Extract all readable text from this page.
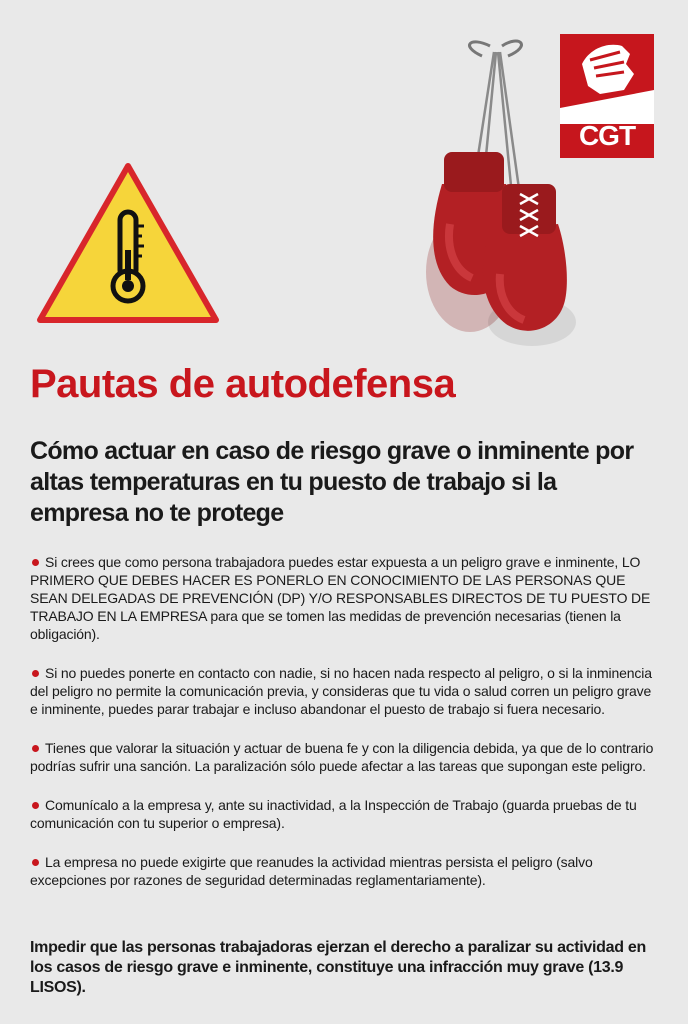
CGT
Pautas de autodefensa
Cómo actuar en caso de riesgo grave o inminente por altas temperaturas en tu puesto de trabajo si la empresa no te protege

Si crees que como persona trabajadora puedes estar expuesta a un peligro grave e inminente, LO PRIMERO QUE DEBES HACER ES PONERLO EN CONOCIMIENTO DE LAS PERSONAS QUE SEAN DELEGADAS DE PREVENCIÓN (DP) Y/O RESPONSABLES DIRECTOS DE TU PUESTO DE TRABAJO EN LA EMPRESA para que se tomen las medidas de prevención necesarias (tienen la obligación).

Si no puedes ponerte en contacto con nadie, si no hacen nada respecto al peligro, o si la inminencia del peligro no permite la comunicación previa, y consideras que tu vida o salud corren un peligro grave e inminente, puedes parar trabajar e incluso abandonar el puesto de trabajo si fuera necesario.

Tienes que valorar la situación y actuar de buena fe y con la diligencia debida, ya que de lo contrario podrías sufrir una sanción. La paralización sólo puede afectar a las tareas que supongan este peligro.

Comunícalo a la empresa y, ante su inactividad, a la Inspección de Trabajo (guarda pruebas de tu comunicación con tu superior o empresa).

La empresa no puede exigirte que reanudes la actividad mientras persista el peligro (salvo excepciones por razones de seguridad determinadas reglamentariamente).

Impedir que las personas trabajadoras ejerzan el derecho a paralizar su actividad en los casos de riesgo grave e inminente, constituye una infracción muy grave (13.9 LISOS).
